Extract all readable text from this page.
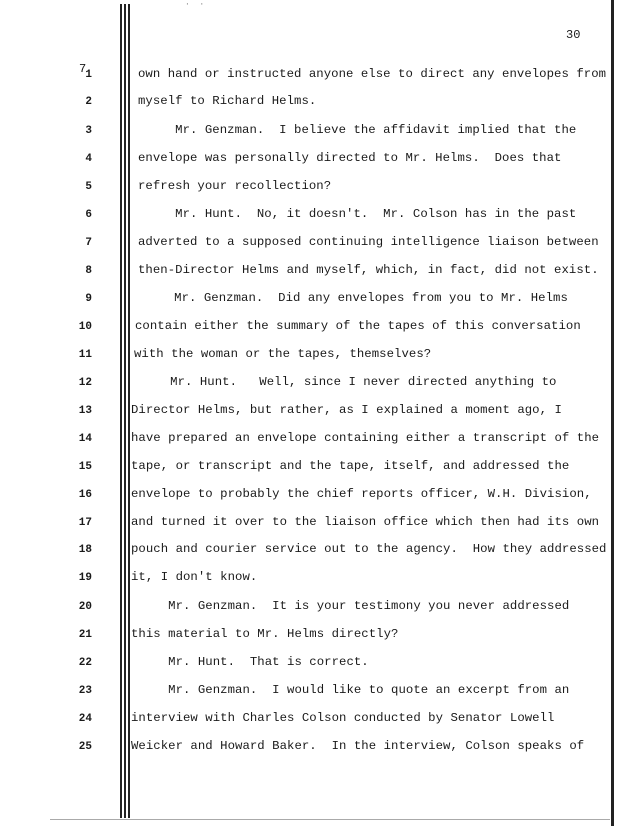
·  ·
7
30
1	own hand or instructed anyone else to direct any envelopes from
2	myself to Richard Helms.
3	Mr. Genzman.  I believe the affidavit implied that the
4	envelope was personally directed to Mr. Helms.  Does that
5	refresh your recollection?
6	Mr. Hunt.  No, it doesn't.  Mr. Colson has in the past
7	adverted to a supposed continuing intelligence liaison between
8	then-Director Helms and myself, which, in fact, did not exist.
9	Mr. Genzman.  Did any envelopes from you to Mr. Helms
10	contain either the summary of the tapes of this conversation
11	with the woman or the tapes, themselves?
12	Mr. Hunt.   Well, since I never directed anything to
13	Director Helms, but rather, as I explained a moment ago, I
14	have prepared an envelope containing either a transcript of the
15	tape, or transcript and the tape, itself, and addressed the
16	envelope to probably the chief reports officer, W.H. Division,
17	and turned it over to the liaison office which then had its own
18	pouch and courier service out to the agency.  How they addressed
19	it, I don't know.
20	Mr. Genzman.  It is your testimony you never addressed
21	this material to Mr. Helms directly?
22	Mr. Hunt.  That is correct.
23	Mr. Genzman.  I would like to quote an excerpt from an
24	interview with Charles Colson conducted by Senator Lowell
25	Weicker and Howard Baker.  In the interview, Colson speaks of
